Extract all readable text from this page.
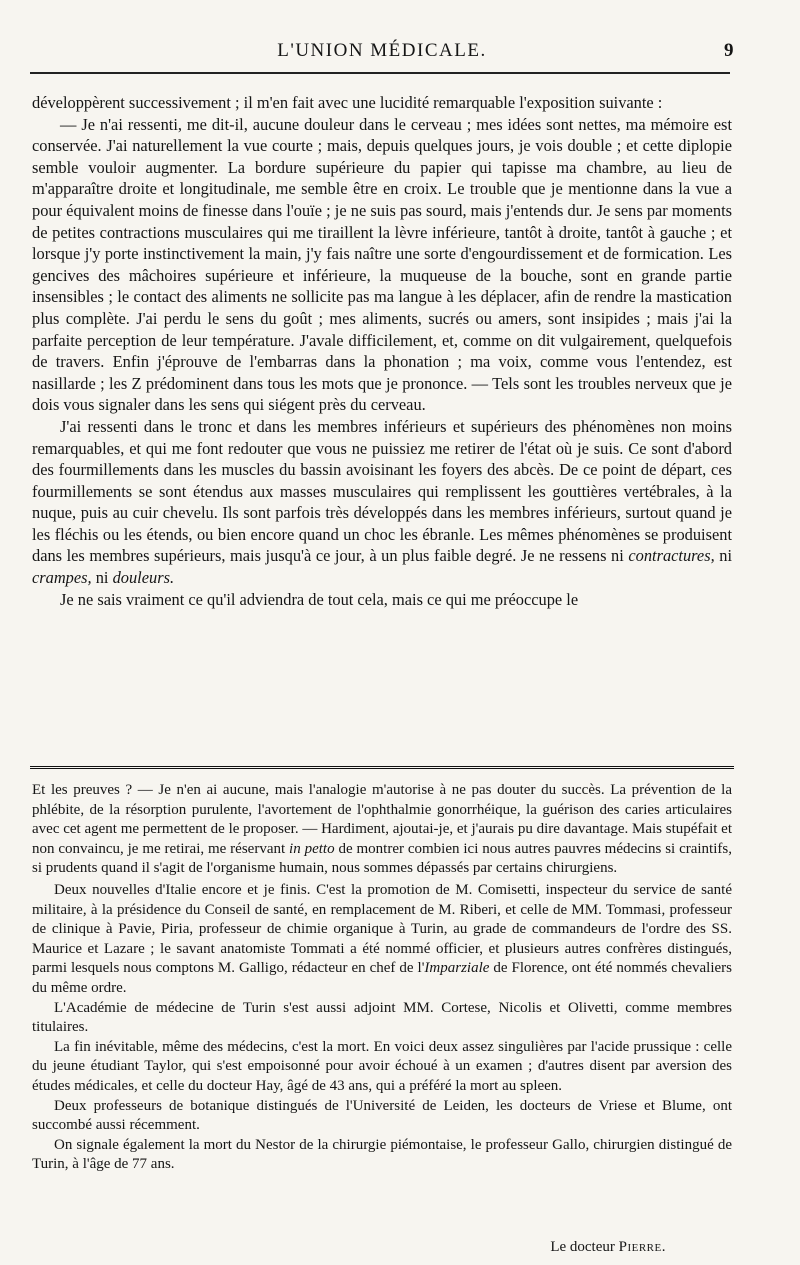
L'UNION MÉDICALE.	9

développèrent successivement ; il m'en fait avec une lucidité remarquable l'exposition suivante :

— Je n'ai ressenti, me dit-il, aucune douleur dans le cerveau ; mes idées sont nettes, ma mémoire est conservée. J'ai naturellement la vue courte ; mais, depuis quelques jours, je vois double ; et cette diplopie semble vouloir augmenter. La bordure supérieure du papier qui tapisse ma chambre, au lieu de m'apparaître droite et longitudinale, me semble être en croix. Le trouble que je mentionne dans la vue a pour équivalent moins de finesse dans l'ouïe ; je ne suis pas sourd, mais j'entends dur. Je sens par moments de petites contractions musculaires qui me tiraillent la lèvre inférieure, tantôt à droite, tantôt à gauche ; et lorsque j'y porte instinctivement la main, j'y fais naître une sorte d'engourdissement et de formication. Les gencives des mâchoires supérieure et inférieure, la muqueuse de la bouche, sont en grande partie insensibles ; le contact des aliments ne sollicite pas ma langue à les déplacer, afin de rendre la mastication plus complète. J'ai perdu le sens du goût ; mes aliments, sucrés ou amers, sont insipides ; mais j'ai la parfaite perception de leur température. J'avale difficilement, et, comme on dit vulgairement, quelquefois de travers. Enfin j'éprouve de l'embarras dans la phonation ; ma voix, comme vous l'entendez, est nasillarde ; les Z prédominent dans tous les mots que je prononce. — Tels sont les troubles nerveux que je dois vous signaler dans les sens qui siégent près du cerveau.

J'ai ressenti dans le tronc et dans les membres inférieurs et supérieurs des phénomènes non moins remarquables, et qui me font redouter que vous ne puissiez me retirer de l'état où je suis. Ce sont d'abord des fourmillements dans les muscles du bassin avoisinant les foyers des abcès. De ce point de départ, ces fourmillements se sont étendus aux masses musculaires qui remplissent les gouttières vertébrales, à la nuque, puis au cuir chevelu. Ils sont parfois très développés dans les membres inférieurs, surtout quand je les fléchis ou les étends, ou bien encore quand un choc les ébranle. Les mêmes phénomènes se produisent dans les membres supérieurs, mais jusqu'à ce jour, à un plus faible degré. Je ne ressens ni contractures, ni crampes, ni douleurs.

Je ne sais vraiment ce qu'il adviendra de tout cela, mais ce qui me préoccupe le

Et les preuves ? — Je n'en ai aucune, mais l'analogie m'autorise à ne pas douter du succès. La prévention de la phlébite, de la résorption purulente, l'avortement de l'ophthalmie gonorrhéique, la guérison des caries articulaires avec cet agent me permettent de le proposer. — Hardiment, ajoutai-je, et j'aurais pu dire davantage. Mais stupéfait et non convaincu, je me retirai, me réservant in petto de montrer combien ici nous autres pauvres médecins si craintifs, si prudents quand il s'agit de l'organisme humain, nous sommes dépassés par certains chirurgiens.

Deux nouvelles d'Italie encore et je finis. C'est la promotion de M. Comisetti, inspecteur du service de santé militaire, à la présidence du Conseil de santé, en remplacement de M. Riberi, et celle de MM. Tommasi, professeur de clinique à Pavie, Piria, professeur de chimie organique à Turin, au grade de commandeurs de l'ordre des SS. Maurice et Lazare ; le savant anatomiste Tommati a été nommé officier, et plusieurs autres confrères distingués, parmi lesquels nous comptons M. Galligo, rédacteur en chef de l'Imparziale de Florence, ont été nommés chevaliers du même ordre.

L'Académie de médecine de Turin s'est aussi adjoint MM. Cortese, Nicolis et Olivetti, comme membres titulaires.

La fin inévitable, même des médecins, c'est la mort. En voici deux assez singulières par l'acide prussique : celle du jeune étudiant Taylor, qui s'est empoisonné pour avoir échoué à un examen ; d'autres disent par aversion des études médicales, et celle du docteur Hay, âgé de 43 ans, qui a préféré la mort au spleen.

Deux professeurs de botanique distingués de l'Université de Leiden, les docteurs de Vriese et Blume, ont succombé aussi récemment.

On signale également la mort du Nestor de la chirurgie piémontaise, le professeur Gallo, chirurgien distingué de Turin, à l'âge de 77 ans.

Le docteur Pierre.
